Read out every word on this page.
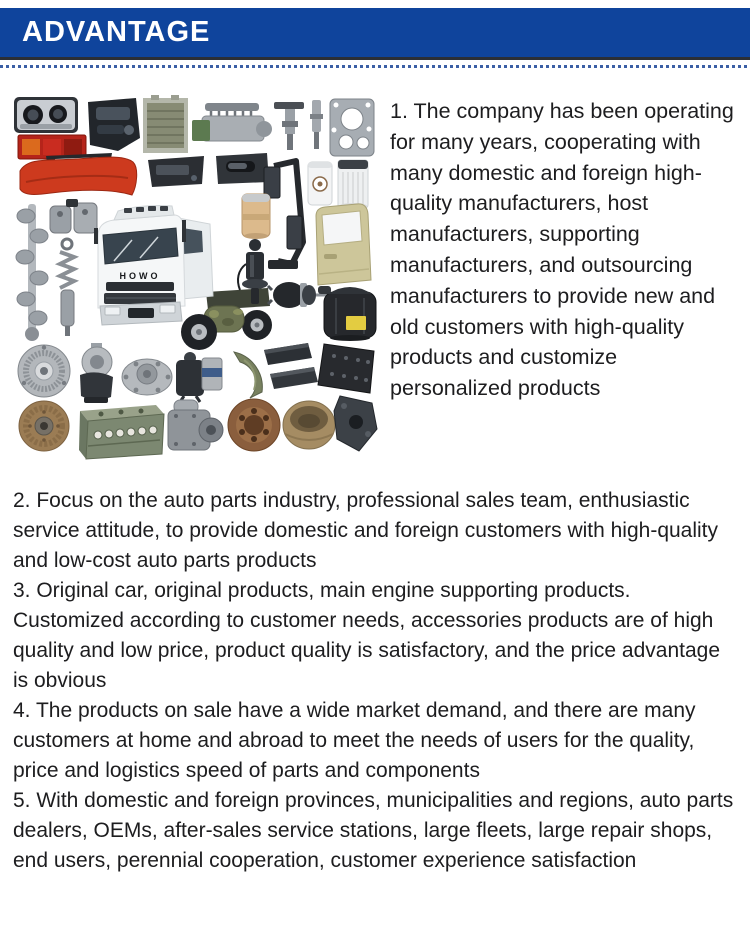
ADVANTAGE
HOWO

1. The company has been operating for many years, cooperating with many domestic and foreign high-quality manufacturers, host manufacturers, supporting manufacturers, and outsourcing manufacturers to provide new and old customers with high-quality products and customize personalized products

2. Focus on the auto parts industry, professional sales team, enthusiastic service attitude, to provide domestic and foreign customers with high-quality and low-cost auto parts products

3. Original car, original products, main engine supporting products. Customized according to customer needs, accessories products are of high quality and low price, product quality is satisfactory, and the price advantage is obvious

4. The products on sale have a wide market demand, and there are many customers at home and abroad to meet the needs of users for the quality, price and logistics speed of parts and components

5. With domestic and foreign provinces, municipalities and regions, auto parts dealers, OEMs, after-sales service stations, large fleets, large repair shops, end users, perennial cooperation, customer experience satisfaction
